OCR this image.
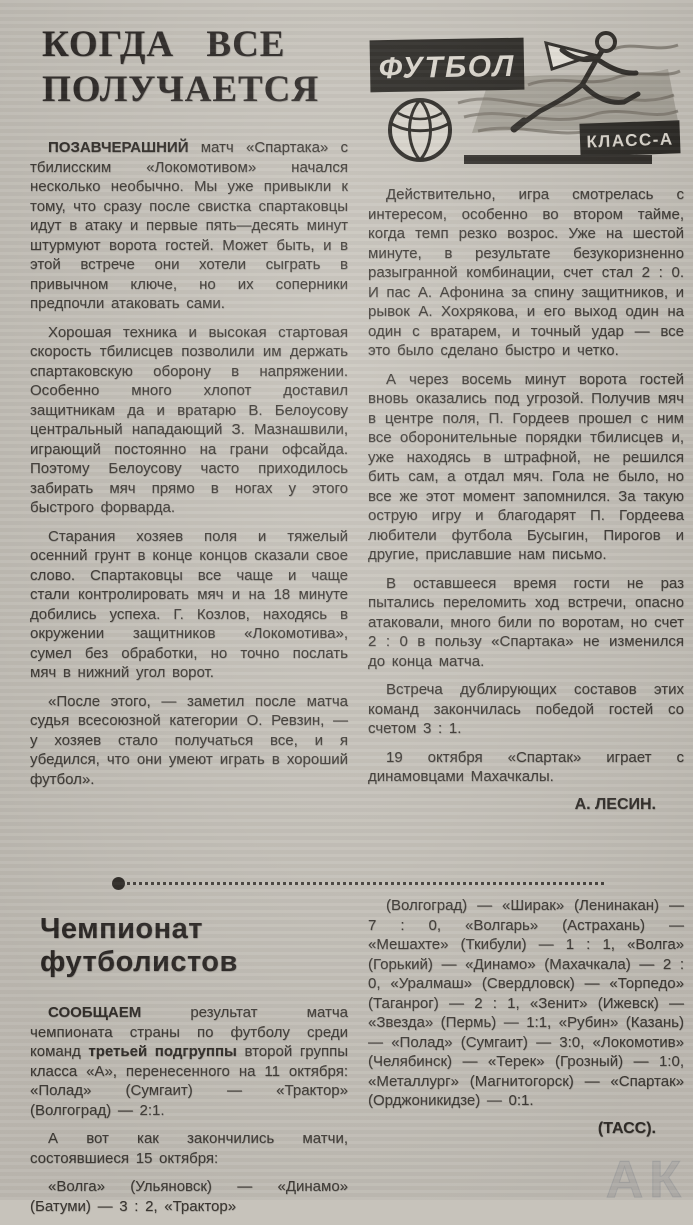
КОГДА ВСЕ ПОЛУЧАЕТСЯ

ПОЗАВЧЕРАШНИЙ матч «Спартака» с тбилисским «Локомотивом» начался несколько необычно. Мы уже привыкли к тому, что сразу после свистка спартаковцы идут в атаку и первые пять—десять минут штурмуют ворота гостей. Может быть, и в этой встрече они хотели сыграть в привычном ключе, но их соперники предпочли атаковать сами.

Хорошая техника и высокая стартовая скорость тбилисцев позволили им держать спартаковскую оборону в напряжении. Особенно много хлопот доставил защитникам да и вратарю В. Белоусову центральный нападающий З. Мазнашвили, играющий постоянно на грани офсайда. Поэтому Белоусову часто приходилось забирать мяч прямо в ногах у этого быстрого форварда.

Старания хозяев поля и тяжелый осенний грунт в конце концов сказали свое слово. Спартаковцы все чаще и чаще стали контролировать мяч и на 18 минуте добились успеха. Г. Козлов, находясь в окружении защитников «Локомотива», сумел без обработки, но точно послать мяч в нижний угол ворот.

«После этого, — заметил после матча судья всесоюзной категории О. Ревзин, — у хозяев стало получаться все, и я убедился, что они умеют играть в хороший футбол».

ФУТБОЛ
КЛАСС-А

Действительно, игра смотрелась с интересом, особенно во втором тайме, когда темп резко возрос. Уже на шестой минуте, в результате безукоризненно разыгранной комбинации, счет стал 2 : 0. И пас А. Афонина за спину защитников, и рывок А. Хохрякова, и его выход один на один с вратарем, и точный удар — все это было сделано быстро и четко.

А через восемь минут ворота гостей вновь оказались под угрозой. Получив мяч в центре поля, П. Гордеев прошел с ним все оборонительные порядки тбилисцев и, уже находясь в штрафной, не решился бить сам, а отдал мяч. Гола не было, но все же этот момент запомнился. За такую острую игру и благодарят П. Гордеева любители футбола Бусыгин, Пирогов и другие, приславшие нам письмо.

В оставшееся время гости не раз пытались переломить ход встречи, опасно атаковали, много били по воротам, но счет 2 : 0 в пользу «Спартака» не изменился до конца матча.

Встреча дублирующих составов этих команд закончилась победой гостей со счетом 3 : 1.

19 октября «Спартак» играет с динамовцами Махачкалы.

А. ЛЕСИН.
Чемпионат футболистов

СООБЩАЕМ результат матча чемпионата страны по футболу среди команд третьей подгруппы второй группы класса «А», перенесенного на 11 октября: «Полад» (Сумгаит) — «Трактор» (Волгоград) — 2:1.

А вот как закончились матчи, состоявшиеся 15 октября:

«Волга» (Ульяновск) — «Динамо» (Батуми) — 3 : 2, «Трактор»

(Волгоград) — «Ширак» (Ленинакан) — 7 : 0, «Волгарь» (Астрахань) — «Мешахте» (Ткибули) — 1 : 1, «Волга» (Горький) — «Динамо» (Махачкала) — 2 : 0, «Уралмаш» (Свердловск) — «Торпедо» (Таганрог) — 2 : 1, «Зенит» (Ижевск) — «Звезда» (Пермь) — 1:1, «Рубин» (Казань) — «Полад» (Сумгаит) — 3:0, «Локомотив» (Челябинск) — «Терек» (Грозный) — 1:0, «Металлург» (Магнитогорск) — «Спартак» (Орджоникидзе) — 0:1.

(ТАСС).
АК
